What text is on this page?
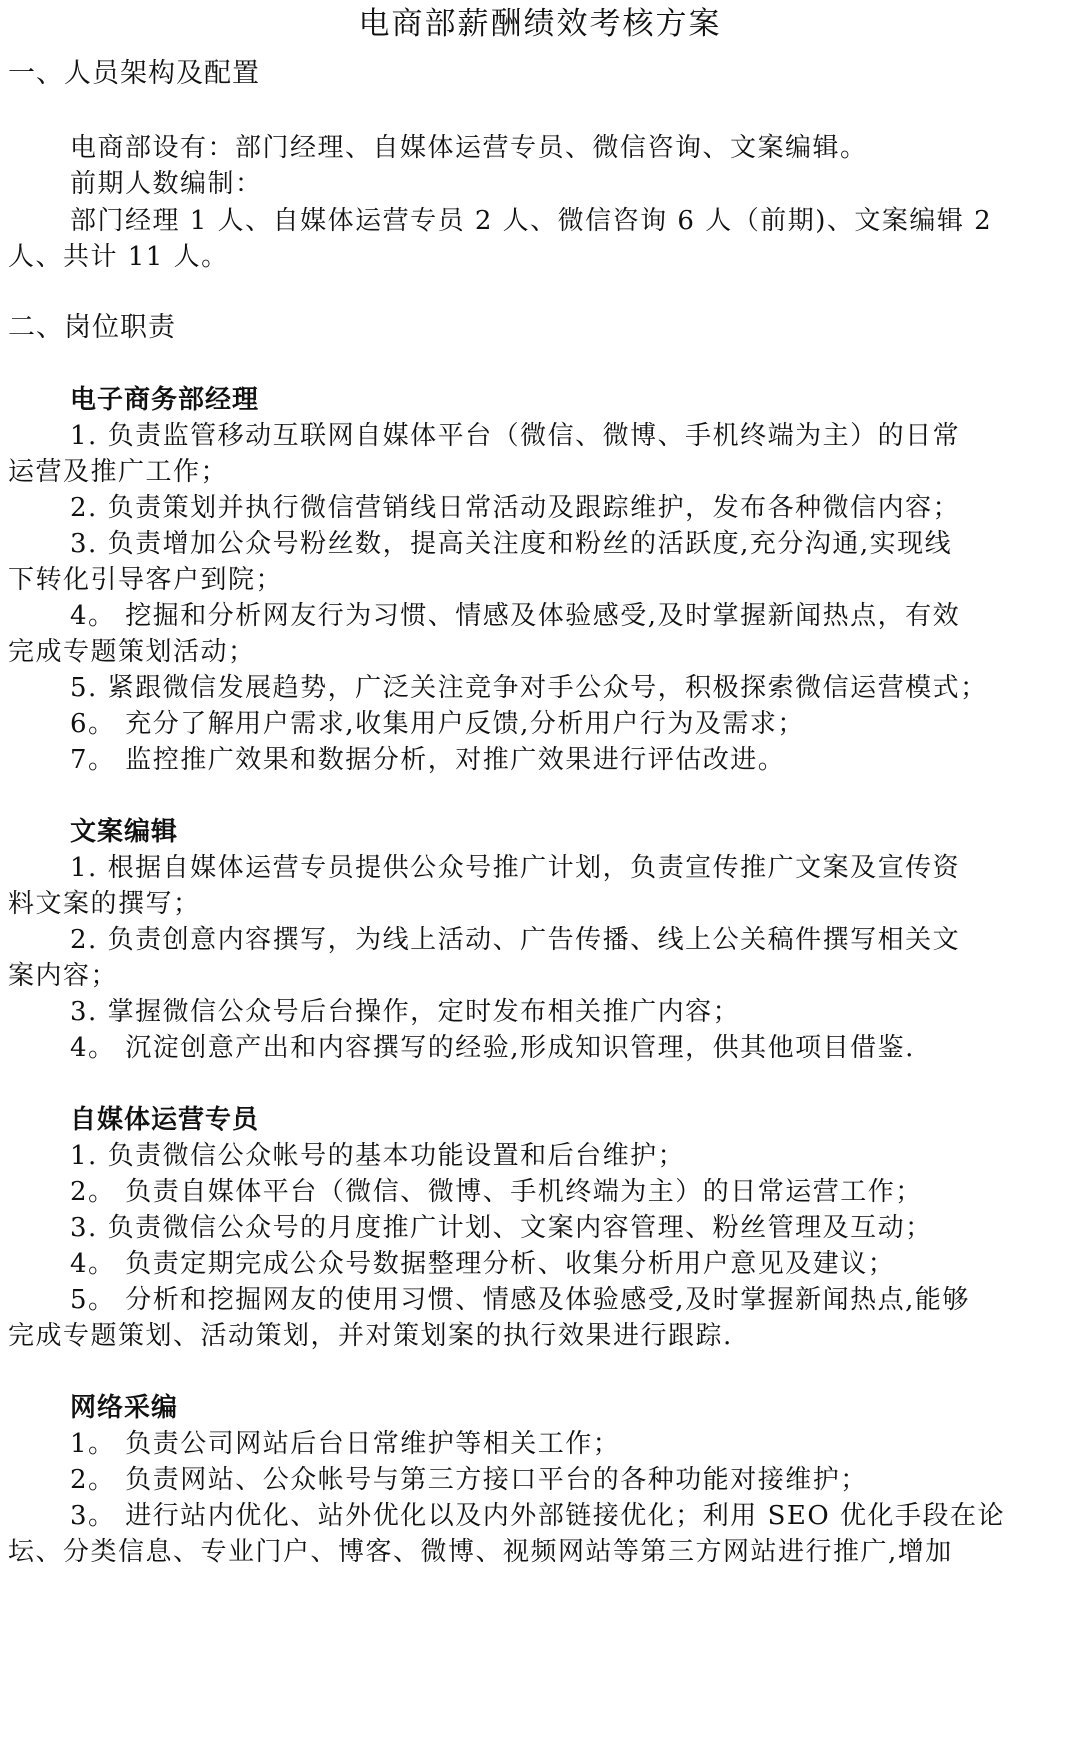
电商部薪酬绩效考核方案
一、人员架构及配置
电商部设有：部门经理、自媒体运营专员、微信咨询、文案编辑。
前期人数编制：
部门经理 1 人、自媒体运营专员 2 人、微信咨询 6 人（前期)、文案编辑 2
人、共计 11 人。
二、岗位职责
电子商务部经理
1. 负责监管移动互联网自媒体平台（微信、微博、手机终端为主）的日常
运营及推广工作；
2. 负责策划并执行微信营销线日常活动及跟踪维护，发布各种微信内容；
3. 负责增加公众号粉丝数，提高关注度和粉丝的活跃度,充分沟通,实现线
下转化引导客户到院；
4。 挖掘和分析网友行为习惯、情感及体验感受,及时掌握新闻热点，有效
完成专题策划活动；
5. 紧跟微信发展趋势，广泛关注竞争对手公众号，积极探索微信运营模式；
6。 充分了解用户需求,收集用户反馈,分析用户行为及需求；
7。 监控推广效果和数据分析，对推广效果进行评估改进。
文案编辑
1. 根据自媒体运营专员提供公众号推广计划，负责宣传推广文案及宣传资
料文案的撰写；
2. 负责创意内容撰写，为线上活动、广告传播、线上公关稿件撰写相关文
案内容；
3. 掌握微信公众号后台操作，定时发布相关推广内容；
4。 沉淀创意产出和内容撰写的经验,形成知识管理，供其他项目借鉴.
自媒体运营专员
1. 负责微信公众帐号的基本功能设置和后台维护；
2。 负责自媒体平台（微信、微博、手机终端为主）的日常运营工作；
3. 负责微信公众号的月度推广计划、文案内容管理、粉丝管理及互动；
4。 负责定期完成公众号数据整理分析、收集分析用户意见及建议；
5。 分析和挖掘网友的使用习惯、情感及体验感受,及时掌握新闻热点,能够
完成专题策划、活动策划，并对策划案的执行效果进行跟踪.
网络采编
1。 负责公司网站后台日常维护等相关工作；
2。 负责网站、公众帐号与第三方接口平台的各种功能对接维护；
3。 进行站内优化、站外优化以及内外部链接优化；利用 SEO 优化手段在论
坛、分类信息、专业门户、博客、微博、视频网站等第三方网站进行推广,增加
